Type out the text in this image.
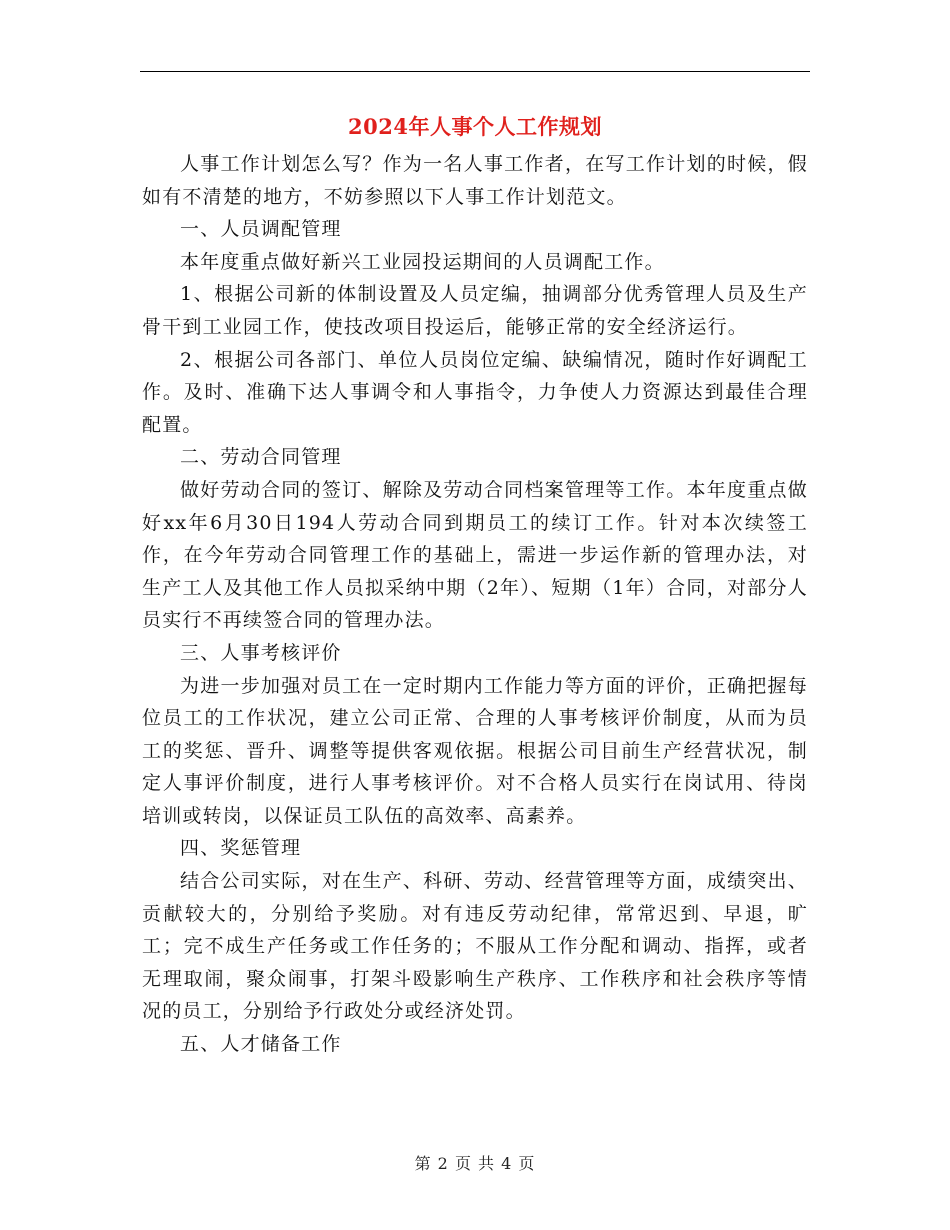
2024年人事个人工作规划

人事工作计划怎么写？作为一名人事工作者，在写工作计划的时候，假如有不清楚的地方，不妨参照以下人事工作计划范文。

一、人员调配管理

本年度重点做好新兴工业园投运期间的人员调配工作。

1、根据公司新的体制设置及人员定编，抽调部分优秀管理人员及生产骨干到工业园工作，使技改项目投运后，能够正常的安全经济运行。

2、根据公司各部门、单位人员岗位定编、缺编情况，随时作好调配工作。及时、准确下达人事调令和人事指令，力争使人力资源达到最佳合理配置。

二、劳动合同管理

做好劳动合同的签订、解除及劳动合同档案管理等工作。本年度重点做好xx年6月30日194人劳动合同到期员工的续订工作。针对本次续签工作，在今年劳动合同管理工作的基础上，需进一步运作新的管理办法，对生产工人及其他工作人员拟采纳中期（2年）、短期（1年）合同，对部分人员实行不再续签合同的管理办法。

三、人事考核评价

为进一步加强对员工在一定时期内工作能力等方面的评价，正确把握每位员工的工作状况，建立公司正常、合理的人事考核评价制度，从而为员工的奖惩、晋升、调整等提供客观依据。根据公司目前生产经营状况，制定人事评价制度，进行人事考核评价。对不合格人员实行在岗试用、待岗培训或转岗，以保证员工队伍的高效率、高素养。

四、奖惩管理

结合公司实际，对在生产、科研、劳动、经营管理等方面，成绩突出、贡献较大的，分别给予奖励。对有违反劳动纪律，常常迟到、早退，旷工；完不成生产任务或工作任务的；不服从工作分配和调动、指挥，或者无理取闹，聚众闹事，打架斗殴影响生产秩序、工作秩序和社会秩序等情况的员工，分别给予行政处分或经济处罚。

五、人才储备工作

第 2 页 共 4 页
